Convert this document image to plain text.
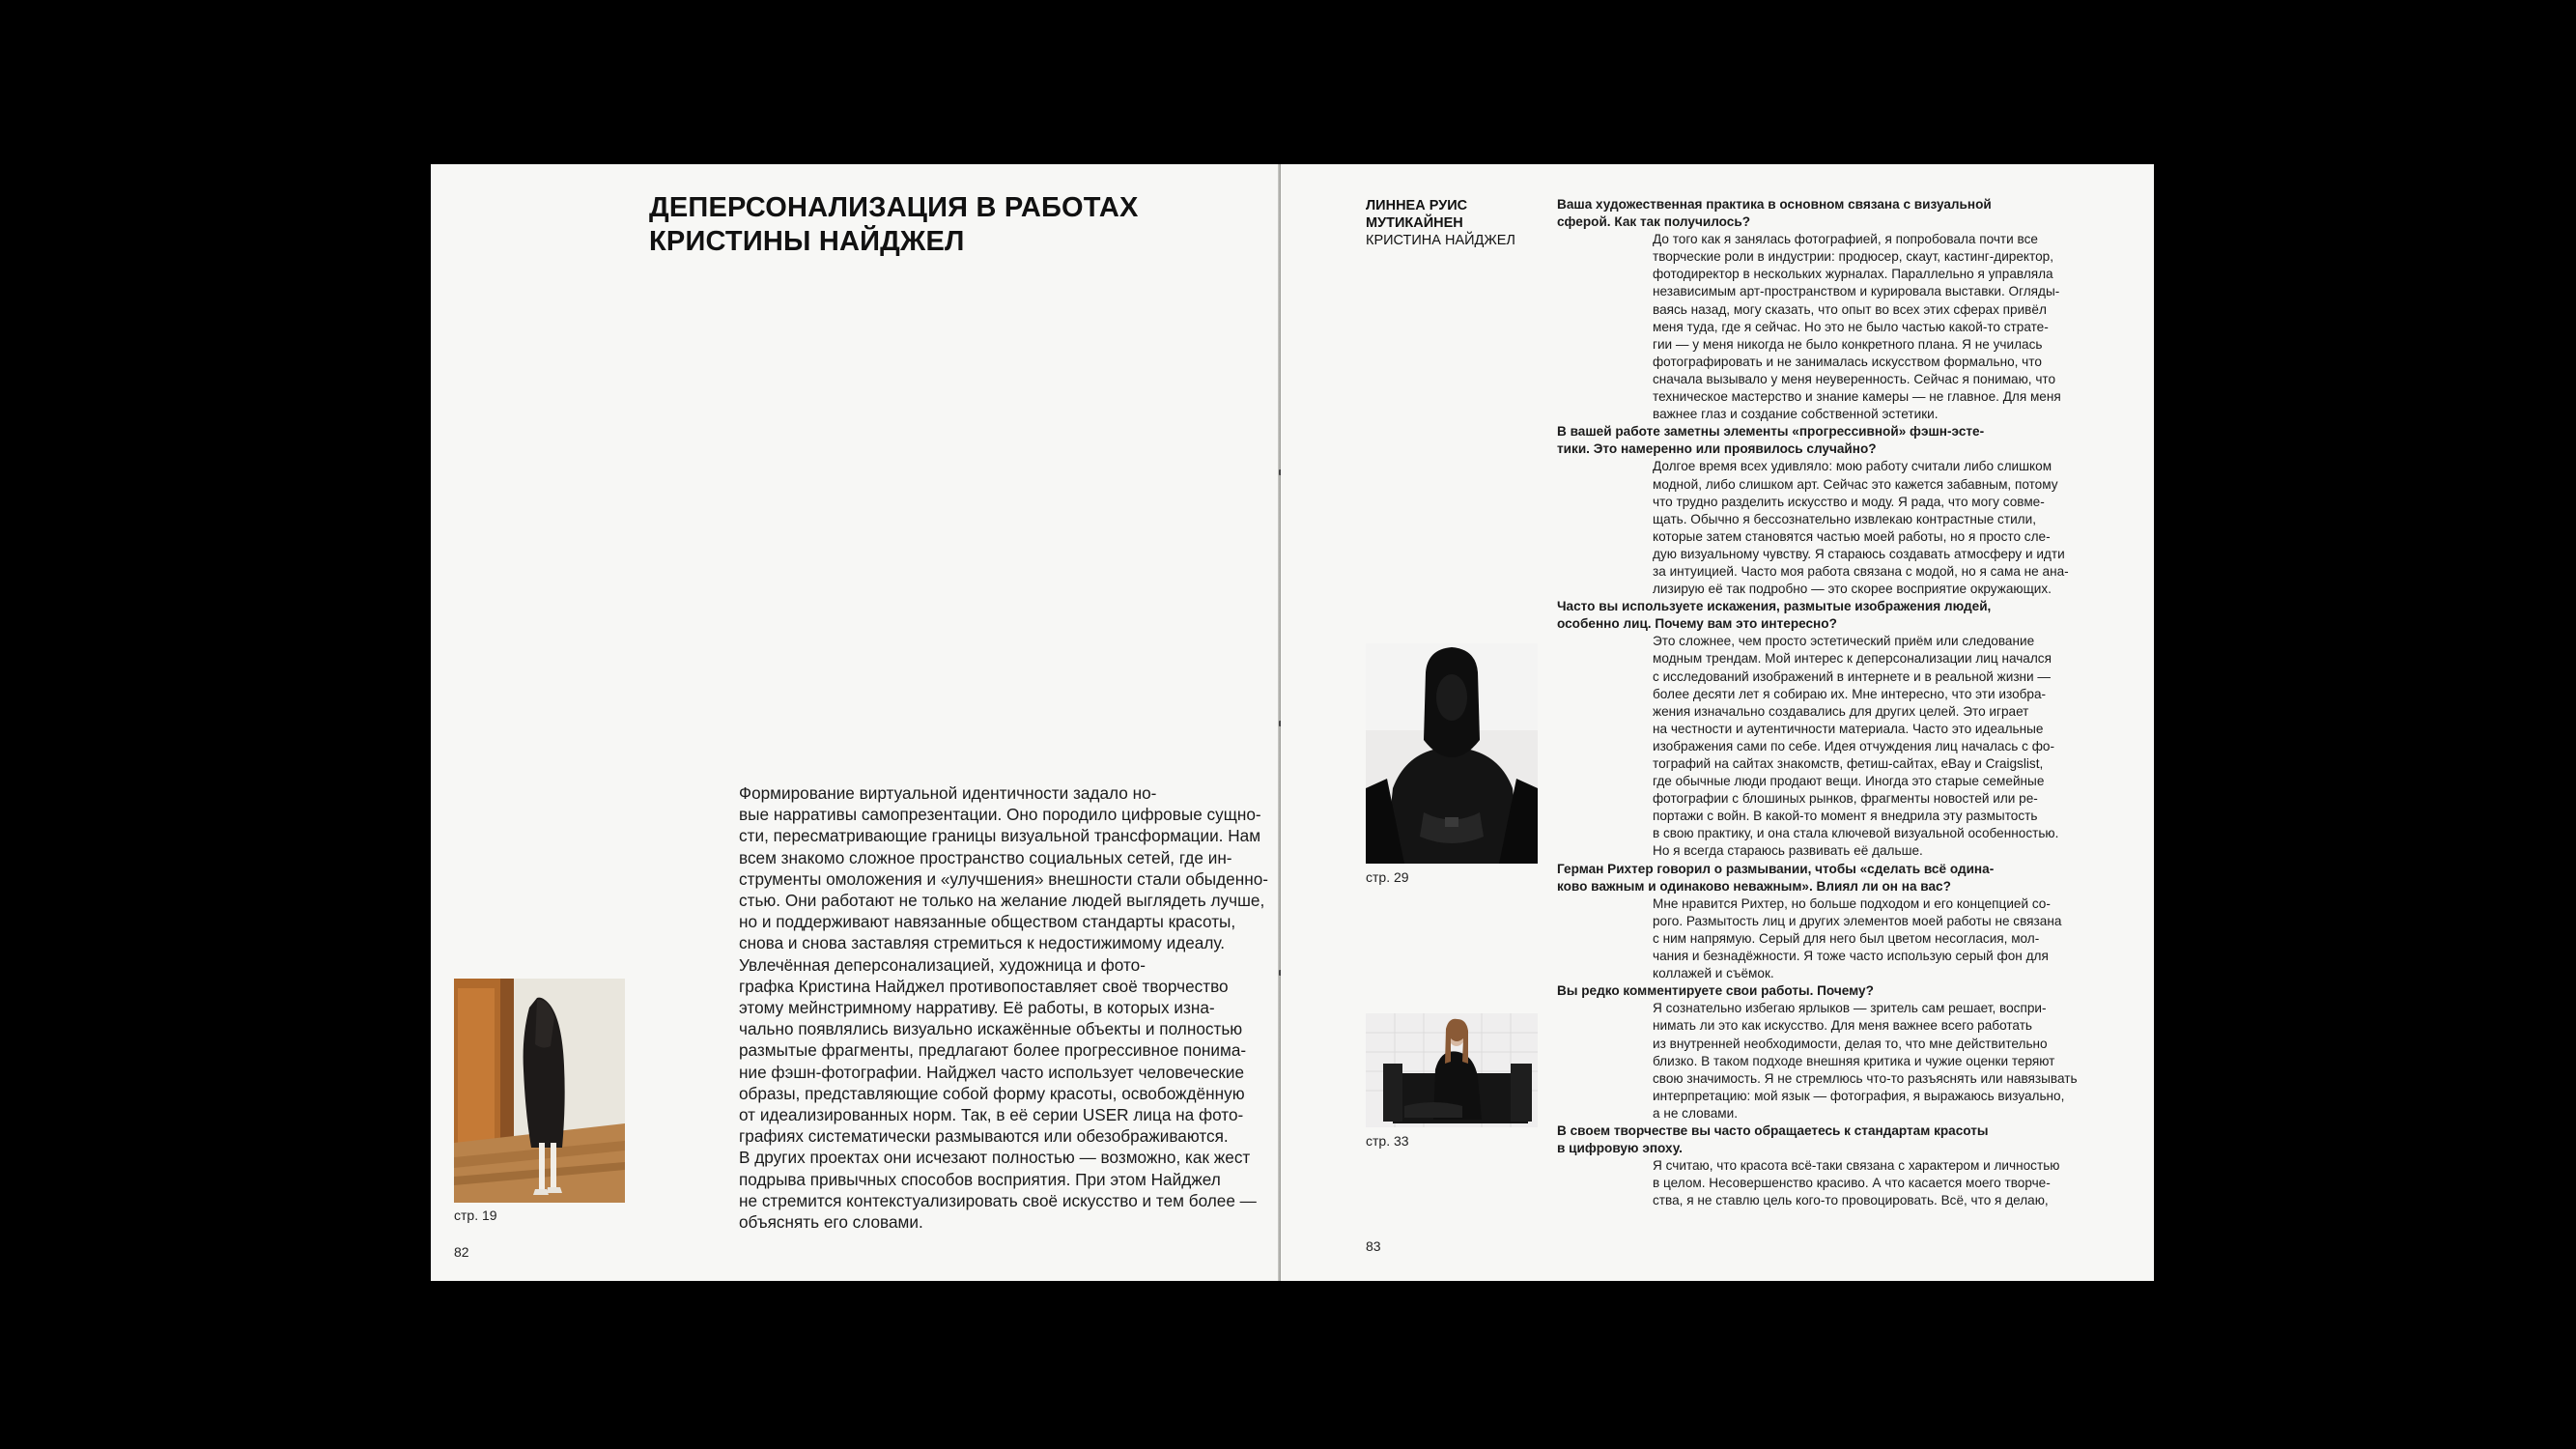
ДЕПЕРСОНАЛИЗАЦИЯ В РАБОТАХ
КРИСТИНЫ НАЙДЖЕЛ

Формирование виртуальной идентичности задало но-
вые нарративы самопрезентации. Оно породило цифровые сущно-
сти, пересматривающие границы визуальной трансформации. Нам
всем знакомо сложное пространство социальных сетей, где ин-
струменты омоложения и «улучшения» внешности стали обыденно-
стью. Они работают не только на желание людей выглядеть лучше,
но и поддерживают навязанные обществом стандарты красоты,
снова и снова заставляя стремиться к недостижимому идеалу.

Увлечённая деперсонализацией, художница и фото-
графка Кристина Найджел противопоставляет своё творчество
этому мейнстримному нарративу. Её работы, в которых изна-
чально появлялись визуально искажённые объекты и полностью
размытые фрагменты, предлагают более прогрессивное понима-
ние фэшн-фотографии. Найджел часто использует человеческие
образы, представляющие собой форму красоты, освобождённую
от идеализированных норм. Так, в её серии USER лица на фото-
графиях систематически размываются или обезображиваются.
В других проектах они исчезают полностью — возможно, как жест
подрыва привычных способов восприятия. При этом Найджел
не стремится контекстуализировать своё искусство и тем более —
объяснять его словами.

стр. 19
82
ЛИННЕА РУИС
МУТИКАЙНЕН
КРИСТИНА НАЙДЖЕЛ
Ваша художественная практика в основном связана с визуальной
сферой. Как так получилось?
До того как я занялась фотографией, я попробовала почти все
творческие роли в индустрии: продюсер, скаут, кастинг-директор,
фотодиректор в нескольких журналах. Параллельно я управляла
независимым арт-пространством и курировала выставки. Огляды-
ваясь назад, могу сказать, что опыт во всех этих сферах привёл
меня туда, где я сейчас. Но это не было частью какой-то страте-
гии — у меня никогда не было конкретного плана. Я не училась
фотографировать и не занималась искусством формально, что
сначала вызывало у меня неуверенность. Сейчас я понимаю, что
техническое мастерство и знание камеры — не главное. Для меня
важнее глаз и создание собственной эстетики.
В вашей работе заметны элементы «прогрессивной» фэшн-эсте-
тики. Это намеренно или проявилось случайно?
Долгое время всех удивляло: мою работу считали либо слишком
модной, либо слишком арт. Сейчас это кажется забавным, потому
что трудно разделить искусство и моду. Я рада, что могу совме-
щать. Обычно я бессознательно извлекаю контрастные стили,
которые затем становятся частью моей работы, но я просто сле-
дую визуальному чувству. Я стараюсь создавать атмосферу и идти
за интуицией. Часто моя работа связана с модой, но я сама не ана-
лизирую её так подробно — это скорее восприятие окружающих.
Часто вы используете искажения, размытые изображения людей,
особенно лиц. Почему вам это интересно?
Это сложнее, чем просто эстетический приём или следование
модным трендам. Мой интерес к деперсонализации лиц начался
с исследований изображений в интернете и в реальной жизни —
более десяти лет я собираю их. Мне интересно, что эти изобра-
жения изначально создавались для других целей. Это играет
на честности и аутентичности материала. Часто это идеальные
изображения сами по себе. Идея отчуждения лиц началась с фо-
тографий на сайтах знакомств, фетиш-сайтах, eBay и Craigslist,
где обычные люди продают вещи. Иногда это старые семейные
фотографии с блошиных рынков, фрагменты новостей или ре-
портажи с войн. В какой-то момент я внедрила эту размытость
в свою практику, и она стала ключевой визуальной особенностью.
Но я всегда стараюсь развивать её дальше.
Герман Рихтер говорил о размывании, чтобы «сделать всё одина-
ково важным и одинаково неважным». Влиял ли он на вас?
Мне нравится Рихтер, но больше подходом и его концепцией со-
рого. Размытость лиц и других элементов моей работы не связана
с ним напрямую. Серый для него был цветом несогласия, мол-
чания и безнадёжности. Я тоже часто использую серый фон для
коллажей и съёмок.
Вы редко комментируете свои работы. Почему?
Я сознательно избегаю ярлыков — зритель сам решает, воспри-
нимать ли это как искусство. Для меня важнее всего работать
из внутренней необходимости, делая то, что мне действительно
близко. В таком подходе внешняя критика и чужие оценки теряют
свою значимость. Я не стремлюсь что-то разъяснять или навязывать
интерпретацию: мой язык — фотография, я выражаюсь визуально,
а не словами.
В своем творчестве вы часто обращаетесь к стандартам красоты
в цифровую эпоху.
Я считаю, что красота всё-таки связана с характером и личностью
в целом. Несовершенство красиво. А что касается моего творче-
ства, я не ставлю цель кого-то провоцировать. Всё, что я делаю,
стр. 29
стр. 33
83
